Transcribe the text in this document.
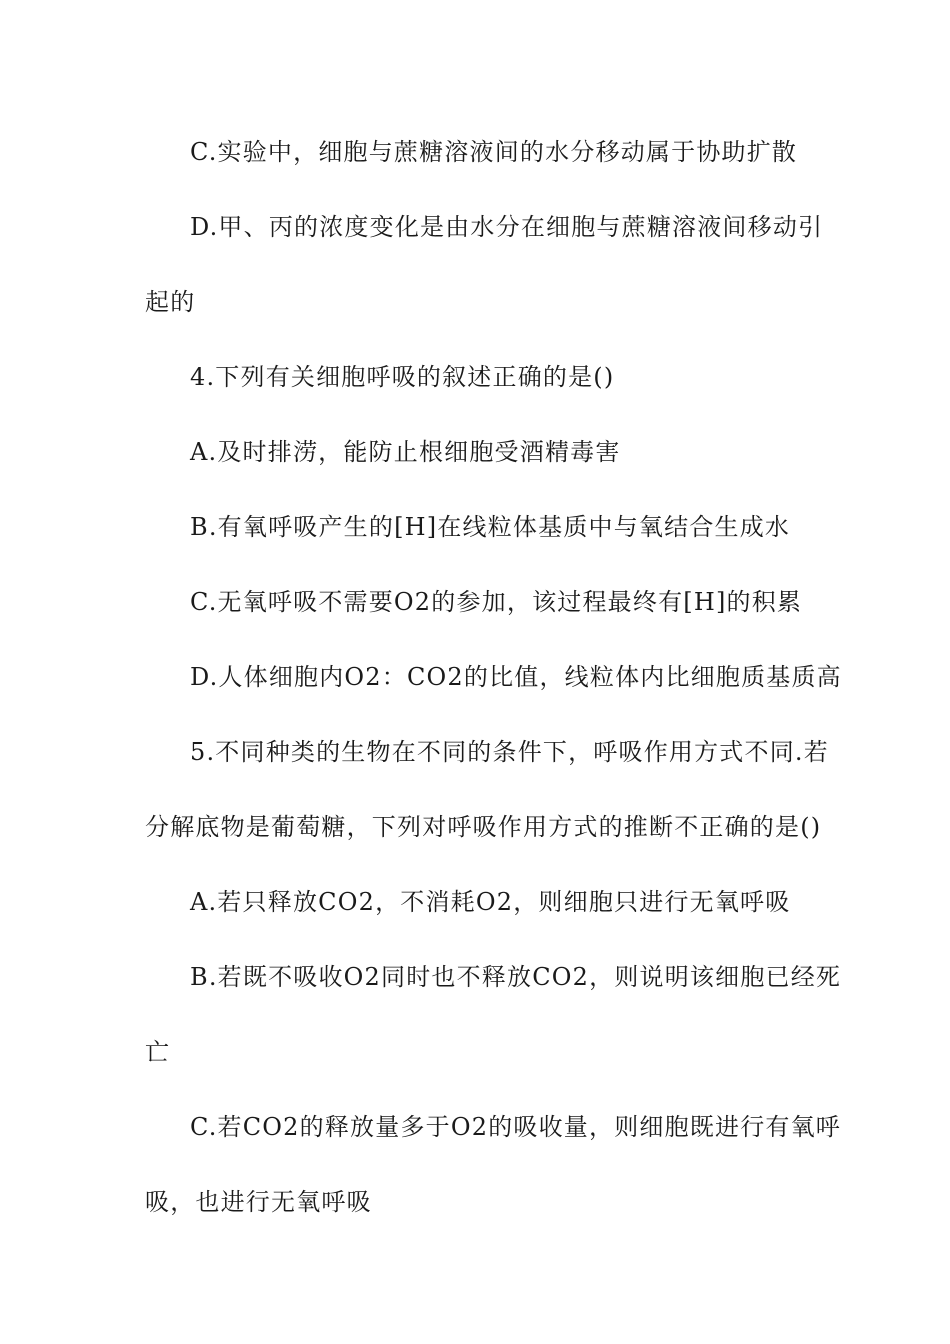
C.实验中，细胞与蔗糖溶液间的水分移动属于协助扩散
D.甲、丙的浓度变化是由水分在细胞与蔗糖溶液间移动引
起的
4.下列有关细胞呼吸的叙述正确的是()
A.及时排涝，能防止根细胞受酒精毒害
B.有氧呼吸产生的[H]在线粒体基质中与氧结合生成水
C.无氧呼吸不需要O2的参加，该过程最终有[H]的积累
D.人体细胞内O2：CO2的比值，线粒体内比细胞质基质高
5.不同种类的生物在不同的条件下，呼吸作用方式不同.若
分解底物是葡萄糖，下列对呼吸作用方式的推断不正确的是()
A.若只释放CO2，不消耗O2，则细胞只进行无氧呼吸
B.若既不吸收O2同时也不释放CO2，则说明该细胞已经死
亡
C.若CO2的释放量多于O2的吸收量，则细胞既进行有氧呼
吸，也进行无氧呼吸
